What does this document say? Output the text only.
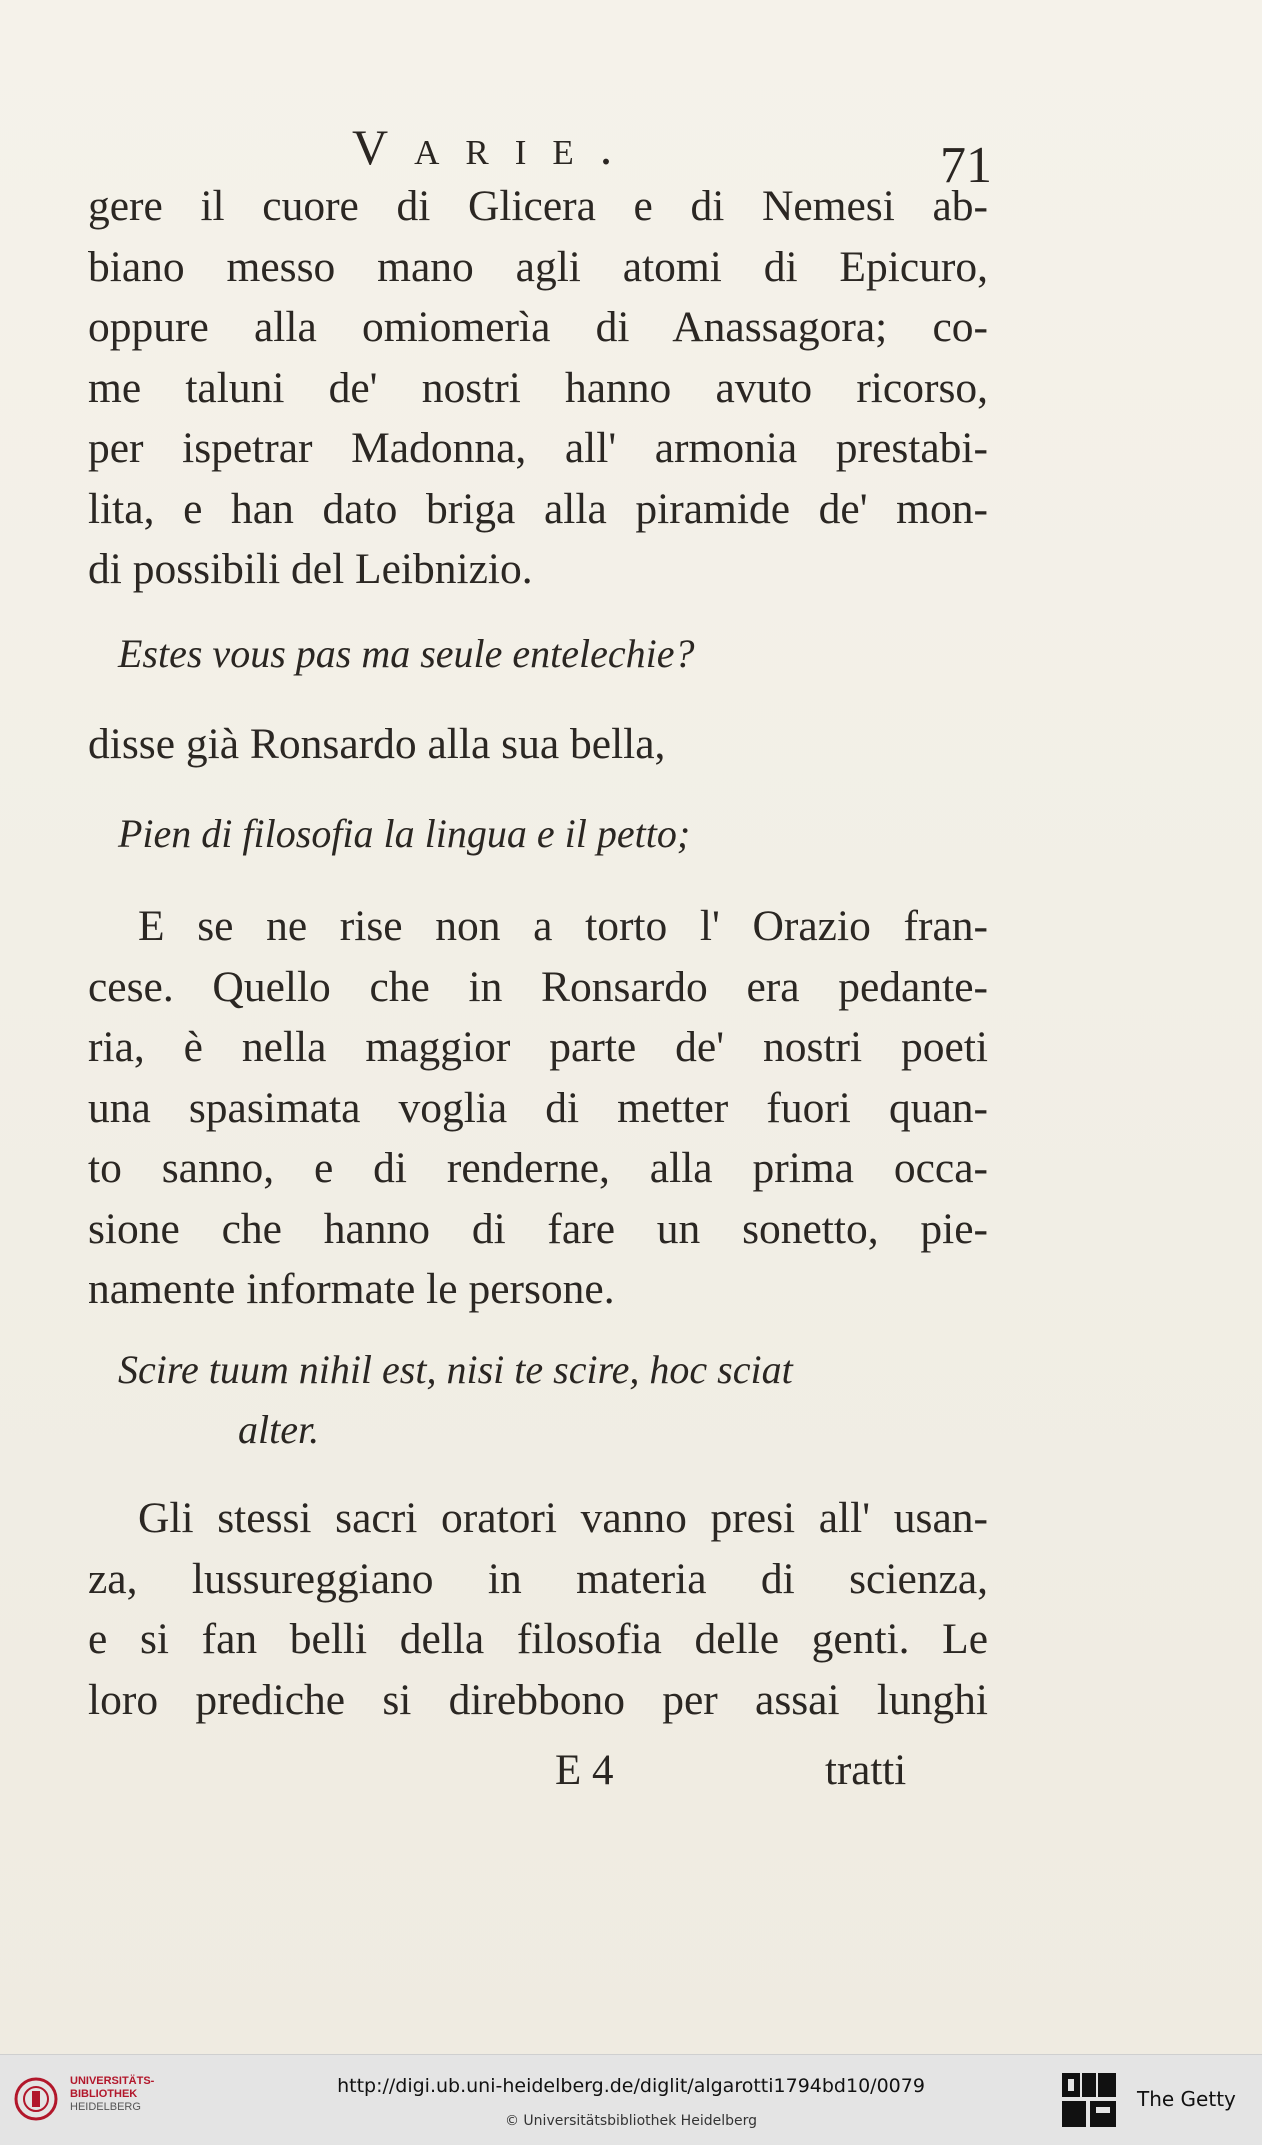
Varie.	71
gere il cuore di Glicera e di Nemesi ab-
biano messo mano agli atomi di Epicuro,
oppure alla omiomerìa di Anassagora; co-
me taluni de' nostri hanno avuto ricorso,
per ispetrar Madonna, all' armonia prestabi-
lita, e han dato briga alla piramide de' mon-
di possibili del Leibnizio.
Estes vous pas ma seule entelechie?
disse già Ronsardo alla sua bella,
Pien di filosofia la lingua e il petto;
E se ne rise non a torto l' Orazio fran-
cese. Quello che in Ronsardo era pedante-
ria, è nella maggior parte de' nostri poeti
una spasimata voglia di metter fuori quan-
to sanno, e di renderne, alla prima occa-
sione che hanno di fare un sonetto, pie-
namente informate le persone.
Scire tuum nihil est, nisi te scire, hoc sciat
alter.
Gli stessi sacri oratori vanno presi all' usan-
za, lussureggiano in materia di scienza,
e si fan belli della filosofia delle genti. Le
loro prediche si direbbono per assai lunghi
E 4	tratti
UNIVERSITÄTS-
BIBLIOTHEK
HEIDELBERG
http://digi.ub.uni-heidelberg.de/diglit/algarotti1794bd10/0079
© Universitätsbibliothek Heidelberg
The Getty
